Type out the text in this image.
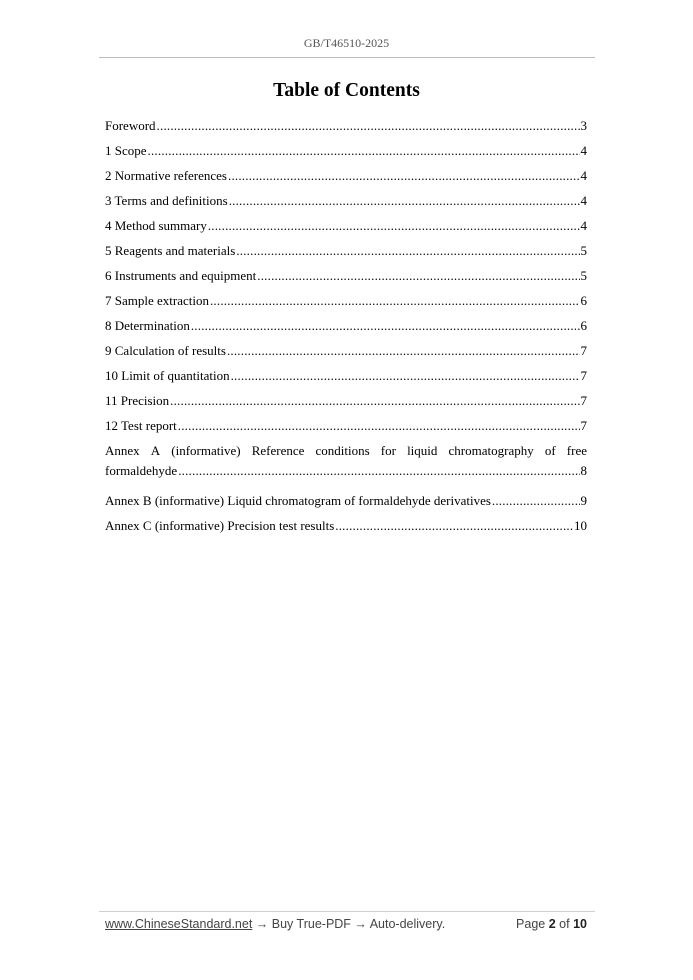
GB/T46510-2025
Table of Contents
Foreword .....	3
1 Scope .....	4
2 Normative references .....	4
3 Terms and definitions .....	4
4 Method summary .....	4
5 Reagents and materials .....	5
6 Instruments and equipment .....	5
7 Sample extraction .....	6
8 Determination .....	6
9 Calculation of results .....	7
10 Limit of quantitation .....	7
11 Precision .....	7
12 Test report .....	7
Annex A (informative) Reference conditions for liquid chromatography of free
formaldehyde .....	8
Annex B (informative) Liquid chromatogram of formaldehyde derivatives .....	9
Annex C (informative) Precision test results .....	10
www.ChineseStandard.net → Buy True-PDF → Auto-delivery.	Page 2 of 10
